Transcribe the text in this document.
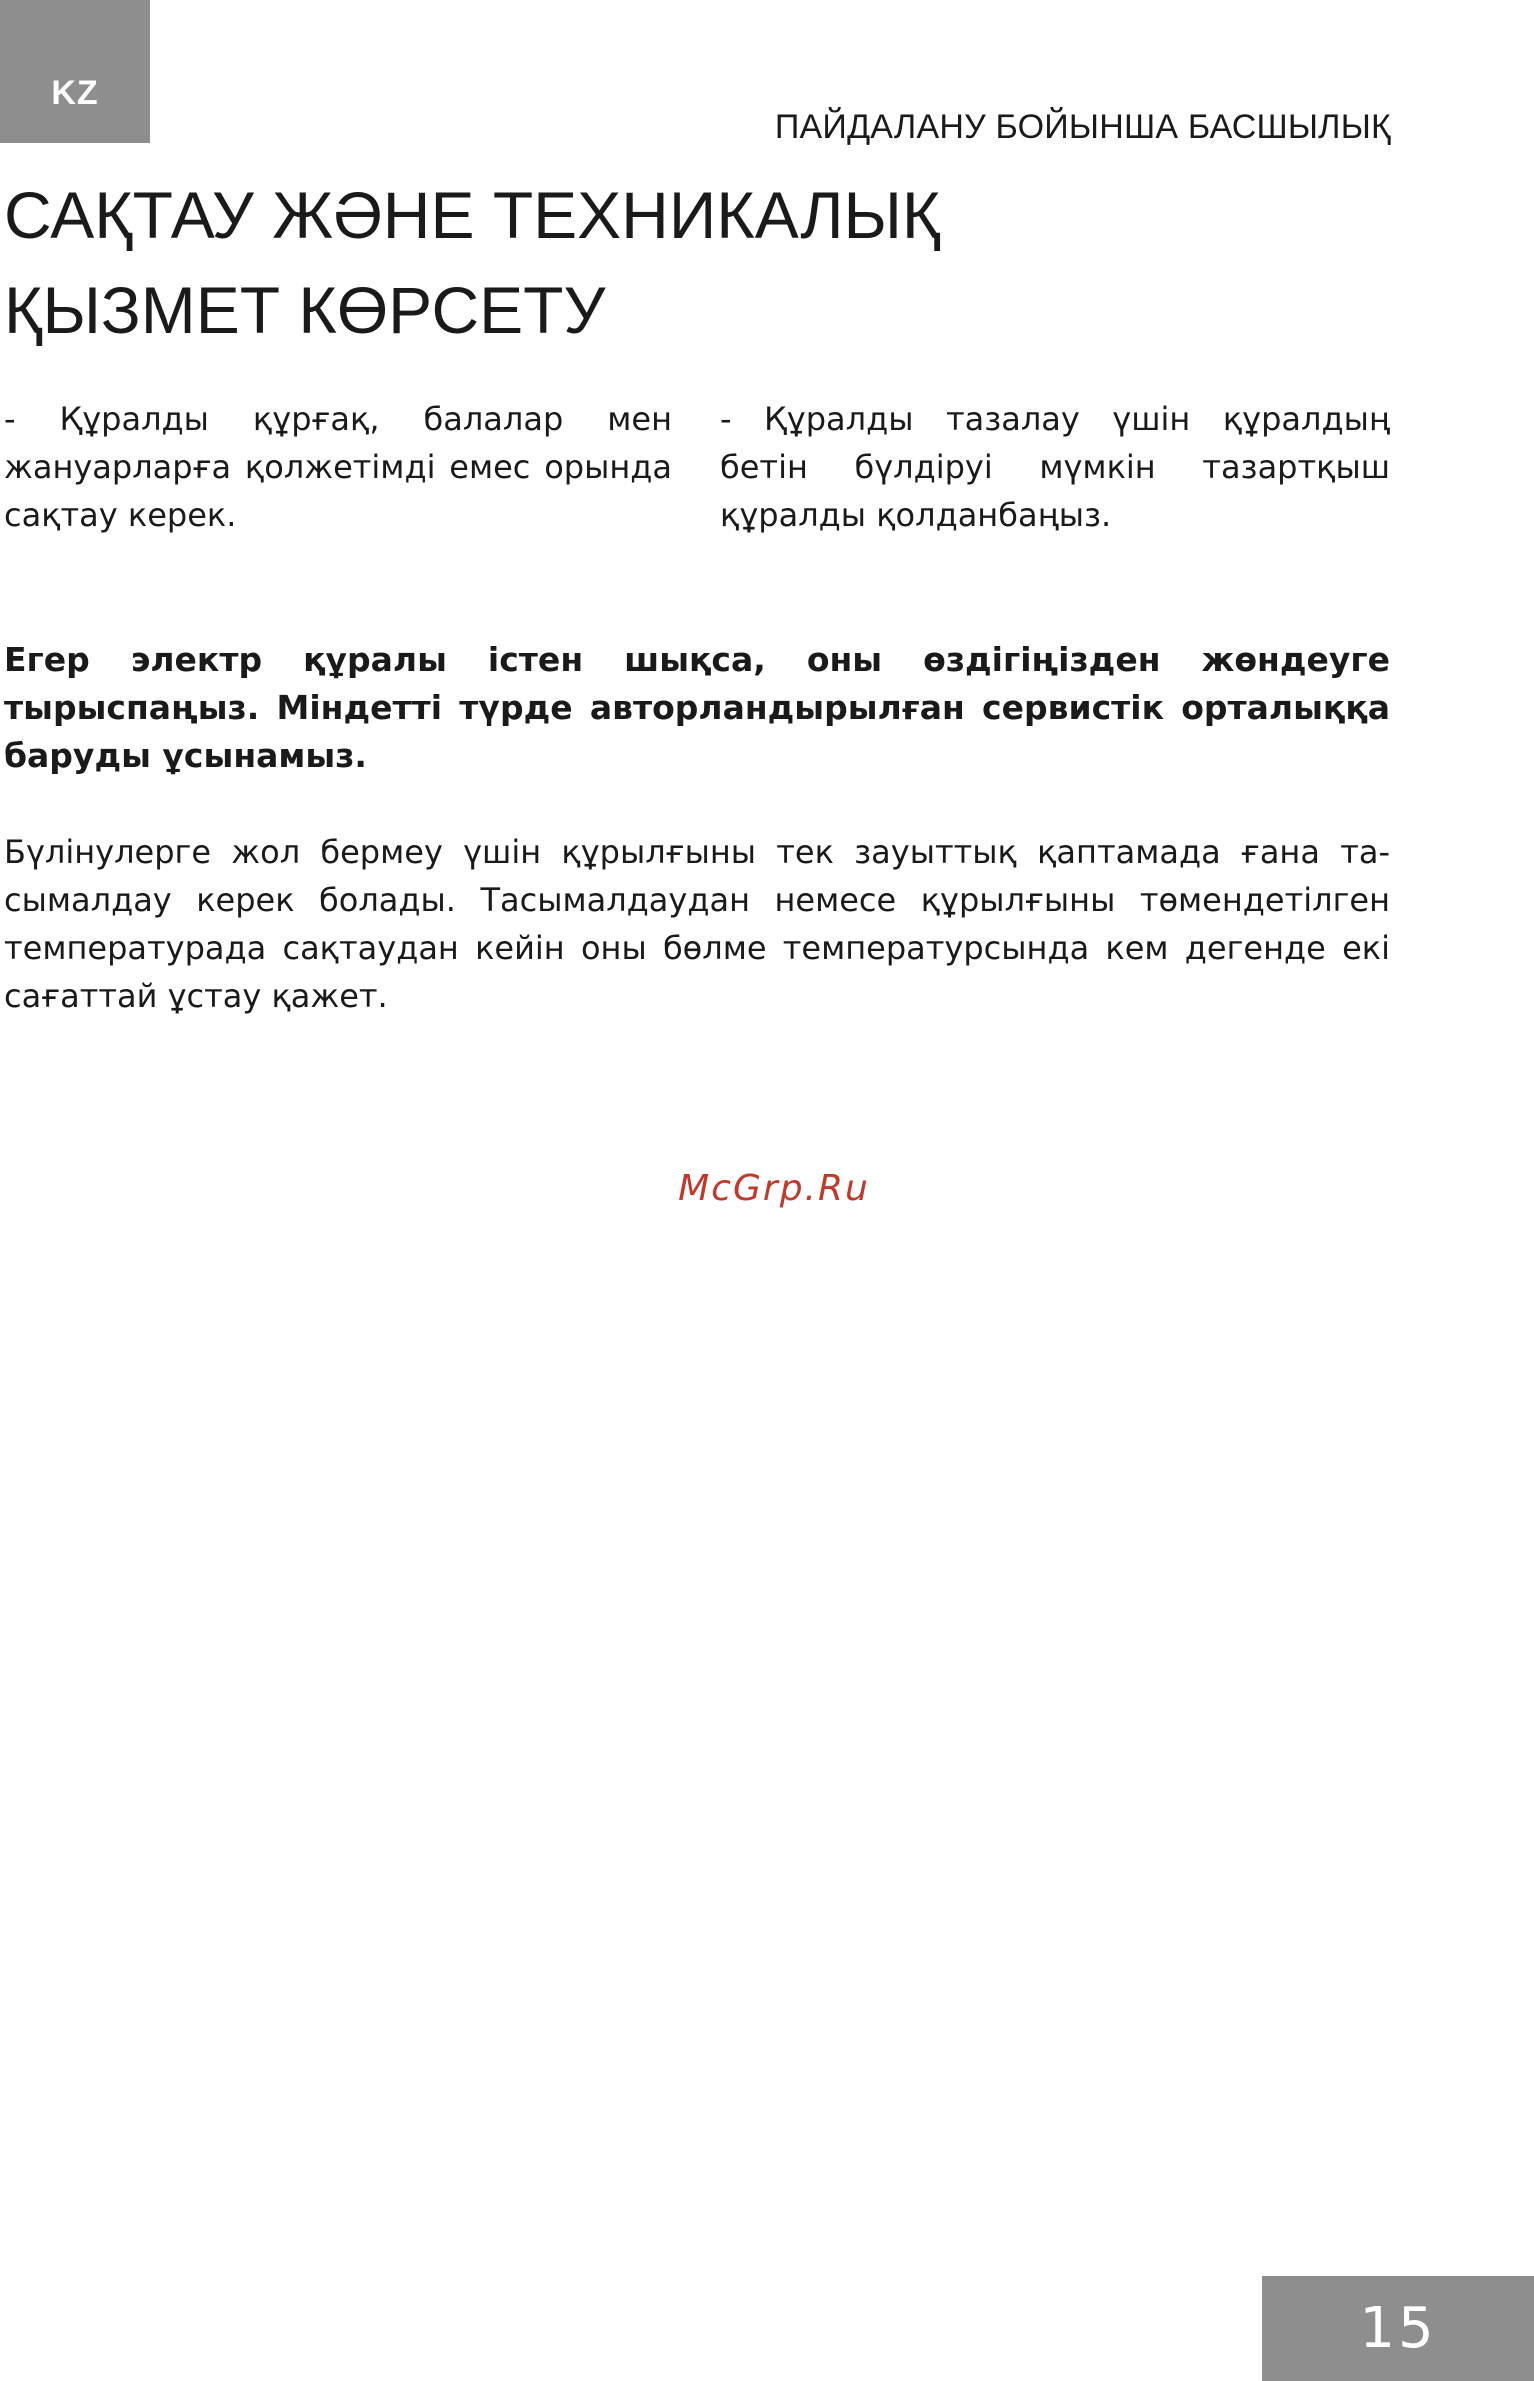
KZ
ПАЙДАЛАНУ БОЙЫНША БАСШЫЛЫҚ
САҚТАУ ЖӘНЕ ТЕХНИКАЛЫҚ
ҚЫЗМЕТ КӨРСЕТУ
- Құралды құрғақ, балалар мен жануарларға қолжетімді емес орында сақтау керек.
- Құралды тазалау үшін құралдың бетін бүлдіруі мүмкін тазартқыш құралды қолданбаңыз.
Егер электр құралы істен шықса, оны өздігіңізден жөндеуге
тырыспаңыз. Міндетті түрде авторландырылған сервистік орталыққа
баруды ұсынамыз.
Бүлінулерге жол бермеу үшін құрылғыны тек зауыттық қаптамада ғана та-
сымалдау керек болады. Тасымалдаудан немесе құрылғыны төмендетілген
температурада сақтаудан кейін оны бөлме температурсында кем дегенде екі
сағаттай ұстау қажет.
McGrp.Ru
15
